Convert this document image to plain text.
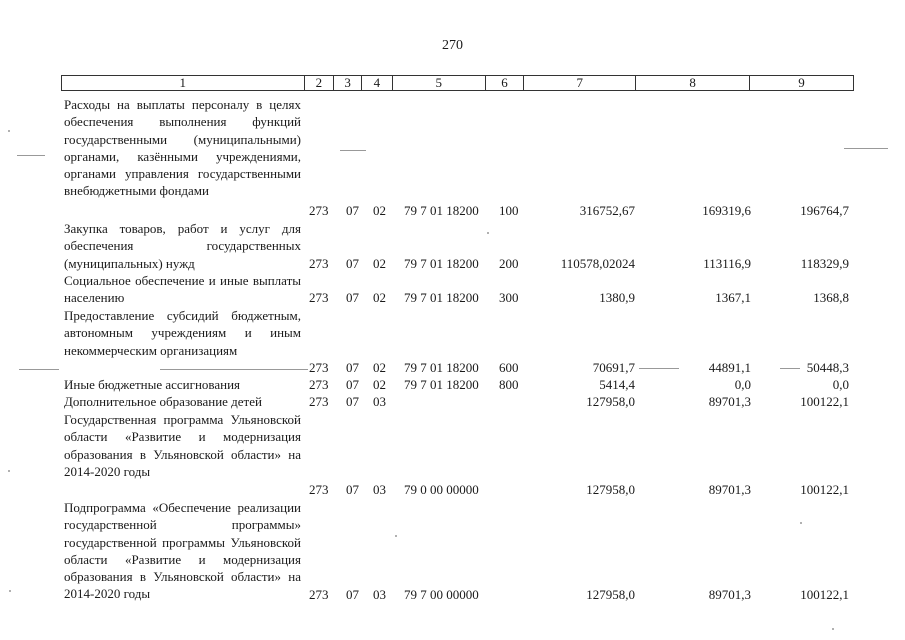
270
1	2	3	4	5	6	7	8	9
Расходы на выплаты персоналу в целях обеспечения выполнения функций государственными (муниципальными) органами, казёнными учреждениями, органами управления государственными внебюджетными фондами
273 07 02 79 7 01 18200 100	316752,67	169319,6	196764,7
Закупка товаров, работ и услуг для обеспечения государственных (муниципальных) нужд	273 07 02 79 7 01 18200 200	110578,02024	113116,9	118329,9
Социальное обеспечение и иные выплаты населению	273 07 02 79 7 01 18200 300	1380,9	1367,1	1368,8
Предоставление субсидий бюджетным, автономным учреждениям и иным некоммерческим организациям
273 07 02 79 7 01 18200 600	70691,7	44891,1	50448,3
Иные бюджетные ассигнования	273 07 02 79 7 01 18200 800	5414,4	0,0	0,0
Дополнительное образование детей	273 07 03	127958,0	89701,3	100122,1
Государственная программа Ульяновской области «Развитие и модернизация образования в Ульяновской области» на 2014-2020 годы
273 07 03 79 0 00 00000	127958,0	89701,3	100122,1
Подпрограмма «Обеспечение реализации государственной программы» государственной программы Ульяновской области «Развитие и модернизация образования в Ульяновской области» на 2014-2020 годы	273 07 03 79 7 00 00000	127958,0	89701,3	100122,1
